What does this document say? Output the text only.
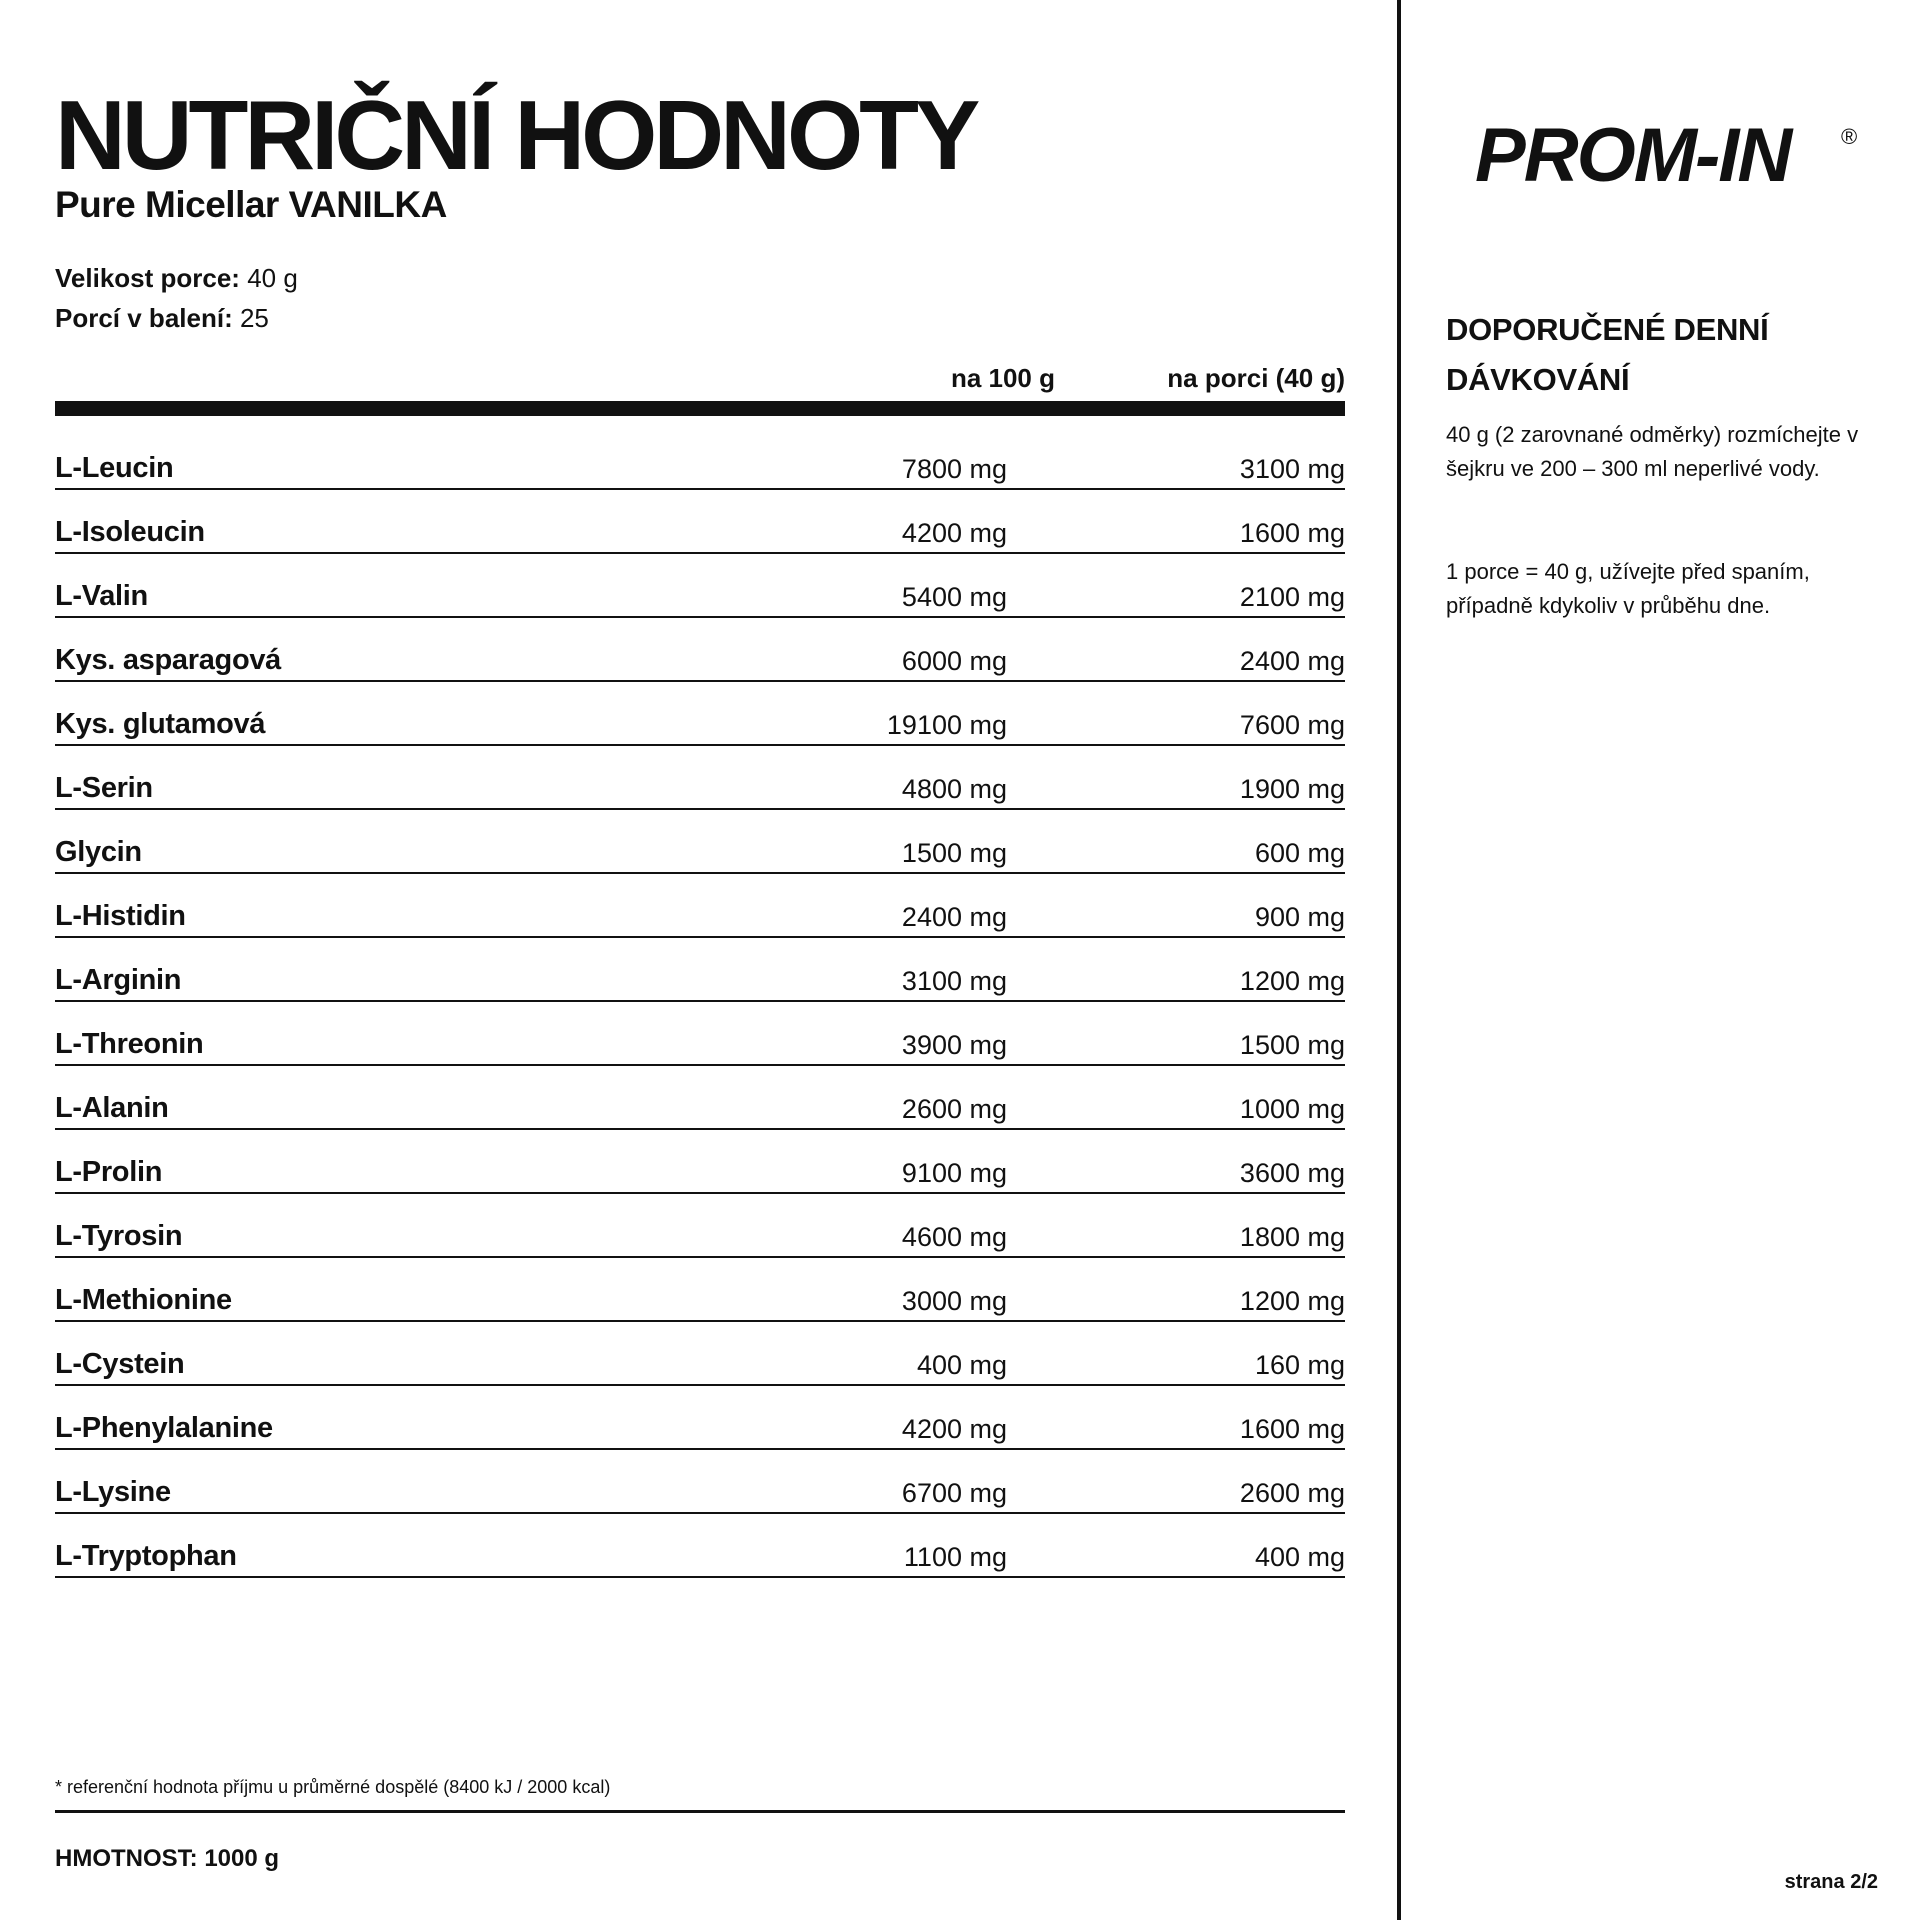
NUTRIČNÍ HODNOTY
Pure Micellar VANILKA
Velikost porce: 40 g
Porcí v balení: 25
na 100 g	na porci (40 g)
L-Leucin	7800 mg	3100 mg
L-Isoleucin	4200 mg	1600 mg
L-Valin	5400 mg	2100 mg
Kys. asparagová	6000 mg	2400 mg
Kys. glutamová	19100 mg	7600 mg
L-Serin	4800 mg	1900 mg
Glycin	1500 mg	600 mg
L-Histidin	2400 mg	900 mg
L-Arginin	3100 mg	1200 mg
L-Threonin	3900 mg	1500 mg
L-Alanin	2600 mg	1000 mg
L-Prolin	9100 mg	3600 mg
L-Tyrosin	4600 mg	1800 mg
L-Methionine	3000 mg	1200 mg
L-Cystein	400 mg	160 mg
L-Phenylalanine	4200 mg	1600 mg
L-Lysine	6700 mg	2600 mg
L-Tryptophan	1100 mg	400 mg
* referenční hodnota příjmu u průměrné dospělé (8400 kJ / 2000 kcal)
HMOTNOST: 1000 g
PROM-IN ®
DOPORUČENÉ DENNÍ DÁVKOVÁNÍ
40 g (2 zarovnané odměrky) rozmíchejte v šejkru ve 200 – 300 ml neperlivé vody.
1 porce = 40 g, užívejte před spaním, případně kdykoliv v průběhu dne.
strana 2/2
